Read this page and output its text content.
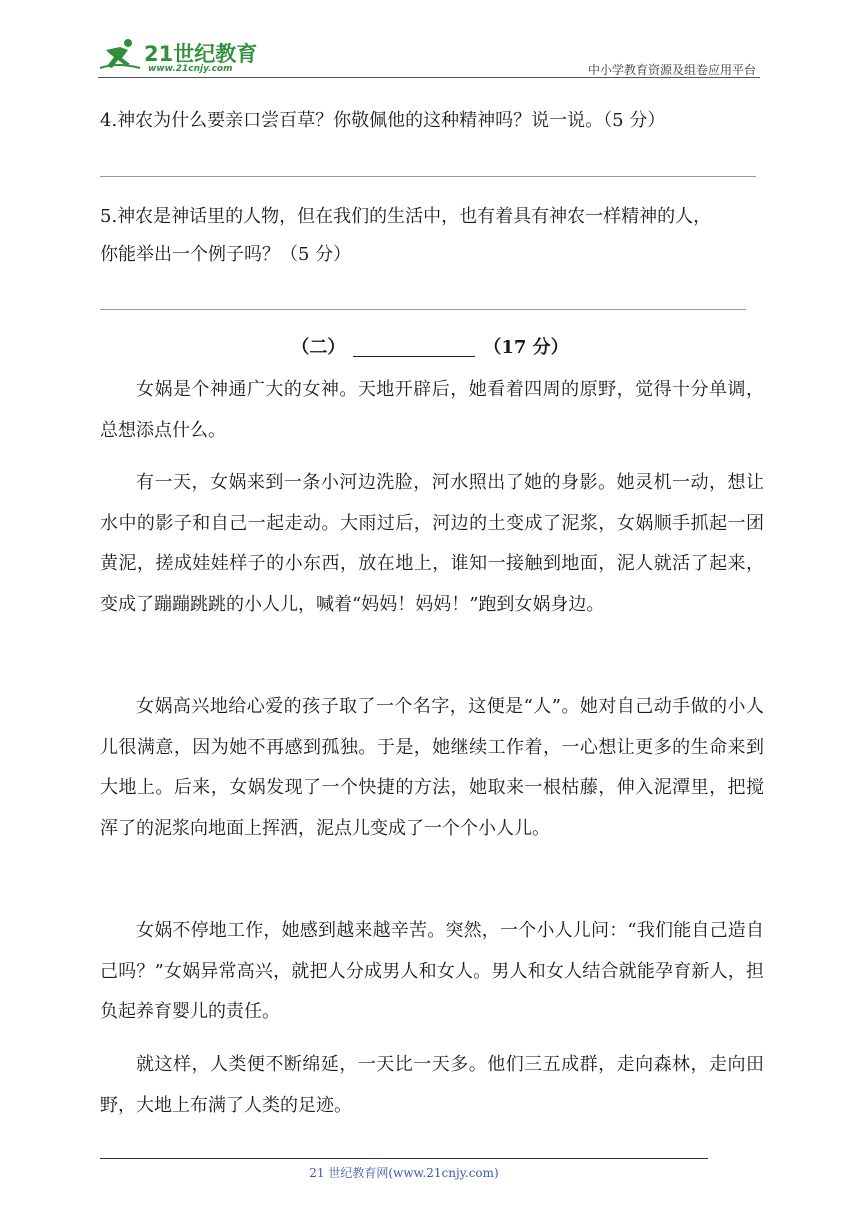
21世纪教育
www.21cnjy.com	中小学教育资源及组卷应用平台
4.神农为什么要亲口尝百草？你敬佩他的这种精神吗？说一说。（5 分）
5.神农是神话里的人物，但在我们的生活中，也有着具有神农一样精神的人，
你能举出一个例子吗？（5 分）
（二）	（17 分）

女娲是个神通广大的女神。天地开辟后，她看着四周的原野，觉得十分单调，总想添点什么。

有一天，女娲来到一条小河边洗脸，河水照出了她的身影。她灵机一动，想让水中的影子和自己一起走动。大雨过后，河边的土变成了泥浆，女娲顺手抓起一团黄泥，搓成娃娃样子的小东西，放在地上，谁知一接触到地面，泥人就活了起来，变成了蹦蹦跳跳的小人儿，喊着“妈妈！妈妈！”跑到女娲身边。

女娲高兴地给心爱的孩子取了一个名字，这便是“人”。她对自己动手做的小人儿很满意，因为她不再感到孤独。于是，她继续工作着，一心想让更多的生命来到大地上。后来，女娲发现了一个快捷的方法，她取来一根枯藤，伸入泥潭里，把搅浑了的泥浆向地面上挥洒，泥点儿变成了一个个小人儿。

女娲不停地工作，她感到越来越辛苦。突然，一个小人儿问：“我们能自己造自己吗？”女娲异常高兴，就把人分成男人和女人。男人和女人结合就能孕育新人，担负起养育婴儿的责任。

就这样，人类便不断绵延，一天比一天多。他们三五成群，走向森林，走向田野，大地上布满了人类的足迹。

21 世纪教育网(www.21cnjy.com)
